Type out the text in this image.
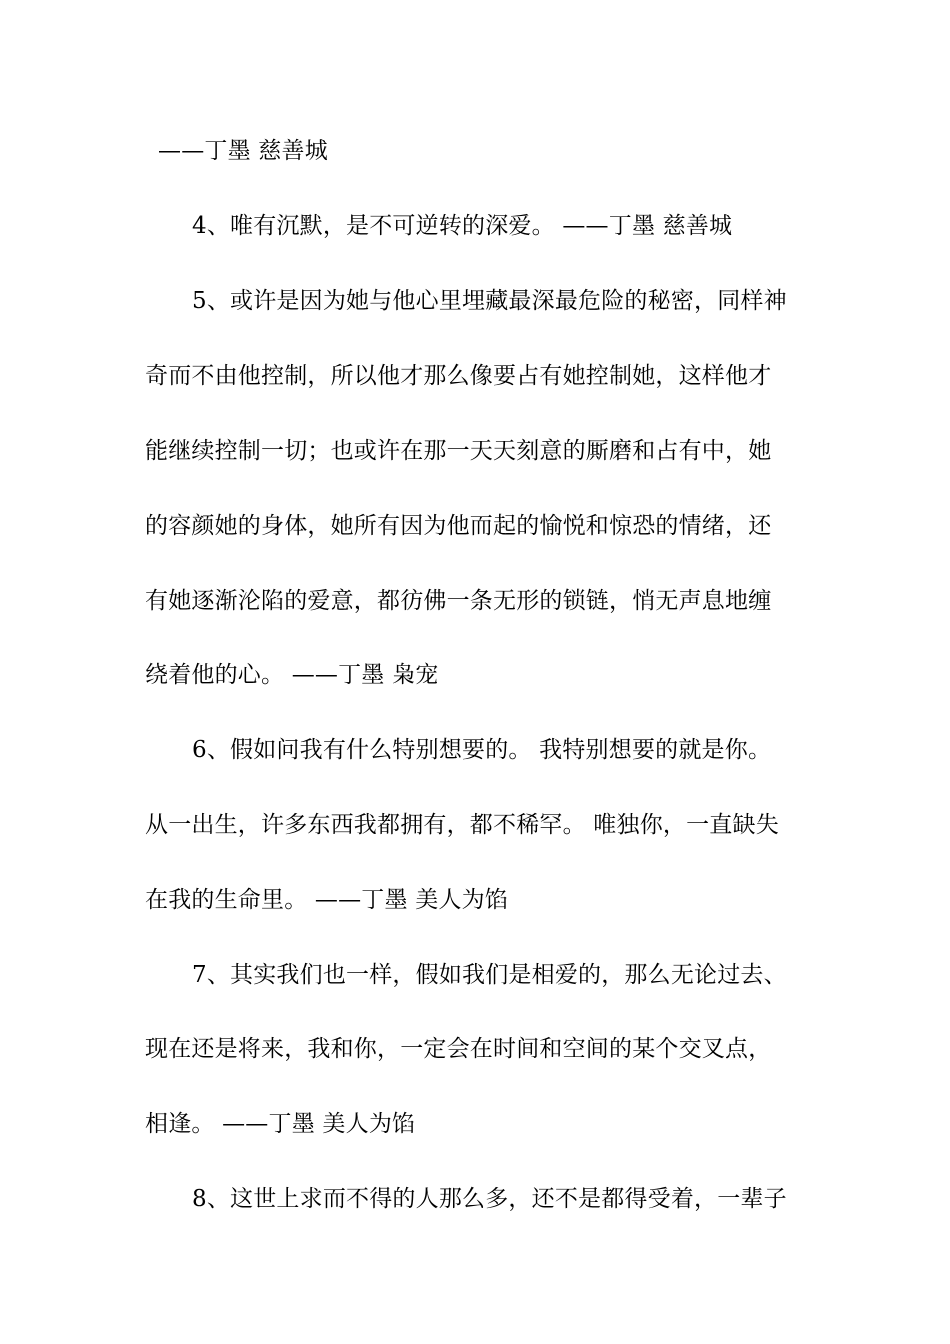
——丁墨 慈善城
4、唯有沉默，是不可逆转的深爱。 ——丁墨 慈善城
5、或许是因为她与他心里埋藏最深最危险的秘密，同样神
奇而不由他控制，所以他才那么像要占有她控制她，这样他才
能继续控制一切；也或许在那一天天刻意的厮磨和占有中，她
的容颜她的身体，她所有因为他而起的愉悦和惊恐的情绪，还
有她逐渐沦陷的爱意，都彷佛一条无形的锁链，悄无声息地缠
绕着他的心。 ——丁墨 枭宠
6、假如问我有什么特别想要的。 我特别想要的就是你。
从一出生，许多东西我都拥有，都不稀罕。 唯独你，一直缺失
在我的生命里。 ——丁墨 美人为馅
7、其实我们也一样，假如我们是相爱的，那么无论过去、
现在还是将来，我和你，一定会在时间和空间的某个交叉点，
相逢。 ——丁墨 美人为馅
8、这世上求而不得的人那么多，还不是都得受着，一辈子
